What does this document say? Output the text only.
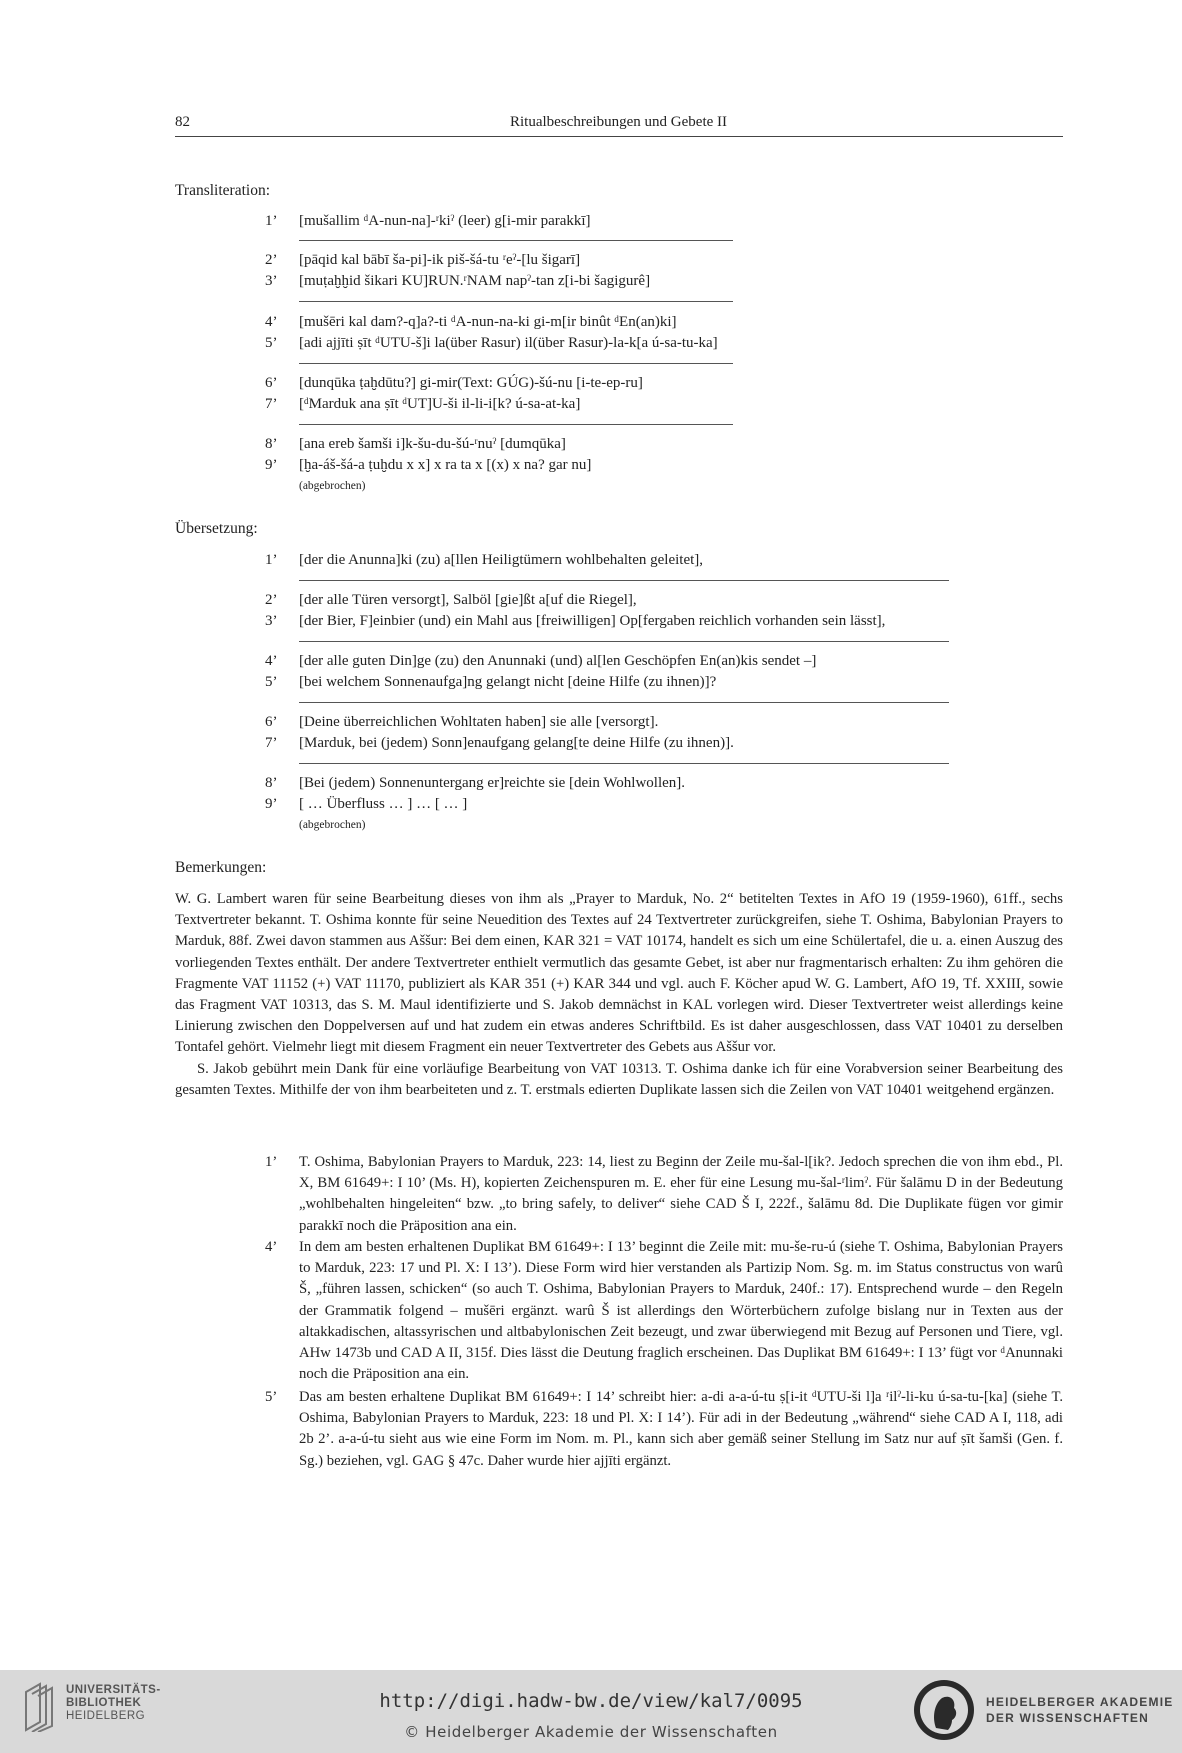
82	Ritualbeschreibungen und Gebete II
Transliteration:
1’ [mušallim ᵈA-nun-na]-ʳkiˀ (leer) g[i-mir parakkī]
2’ [pāqid kal bābī ša-pi]-ik piš-šá-tu ʳeˀ-[lu šigarī]
3’ [muṭaḫḫid šikari KU]RUN.ʳNAM napˀ-tan z[i-bi šagigurê]
4’ [mušēri kal dam?-q]a?-ti ᵈA-nun-na-ki gi-m[ir binût ᵈEn(an)ki]
5’ [adi ajjīti ṣīt ᵈUTU-š]i la(über Rasur) il(über Rasur)-la-k[a ú-sa-tu-ka]
6’ [dunqūka ṭaḫdūtu?] gi-mir(Text: GÚG)-šú-nu [i-te-ep-ru]
7’ [ᵈMarduk ana ṣīt ᵈUT]U-ši il-li-i[k? ú-sa-at-ka]
8’ [ana ereb šamši i]k-šu-du-šú-ʳnuˀ [dumqūka]
9’ [ḫa-áš-šá-a ṭuḫdu x x] x ra ta x [(x) x na? gar nu]
(abgebrochen)
Übersetzung:
1’ [der die Anunna]ki (zu) a[llen Heiligtümern wohlbehalten geleitet],
2’ [der alle Türen versorgt], Salböl [gie]ßt a[uf die Riegel],
3’ [der Bier, F]einbier (und) ein Mahl aus [freiwilligen] Op[fergaben reichlich vorhanden sein lässt],
4’ [der alle guten Din]ge (zu) den Anunnaki (und) al[len Geschöpfen En(an)kis sendet –]
5’ [bei welchem Sonnenaufga]ng gelangt nicht [deine Hilfe (zu ihnen)]?
6’ [Deine überreichlichen Wohltaten haben] sie alle [versorgt].
7’ [Marduk, bei (jedem) Sonn]enaufgang gelang[te deine Hilfe (zu ihnen)].
8’ [Bei (jedem) Sonnenuntergang er]reichte sie [dein Wohlwollen].
9’ [ … Überfluss … ] … [ … ]
(abgebrochen)
Bemerkungen:

W. G. Lambert waren für seine Bearbeitung dieses von ihm als „Prayer to Marduk, No. 2“ betitelten Textes in AfO 19 (1959-1960), 61ff., sechs Textvertreter bekannt. T. Oshima konnte für seine Neuedition des Textes auf 24 Textvertreter zurückgreifen, siehe T. Oshima, Babylonian Prayers to Marduk, 88f. Zwei davon stammen aus Aššur: Bei dem einen, KAR 321 = VAT 10174, handelt es sich um eine Schülertafel, die u. a. einen Auszug des vorliegenden Textes enthält. Der andere Textvertreter enthielt vermutlich das gesamte Gebet, ist aber nur fragmentarisch erhalten: Zu ihm gehören die Fragmente VAT 11152 (+) VAT 11170, publiziert als KAR 351 (+) KAR 344 und vgl. auch F. Köcher apud W. G. Lambert, AfO 19, Tf. XXIII, sowie das Fragment VAT 10313, das S. M. Maul identifizierte und S. Jakob demnächst in KAL vorlegen wird. Dieser Textvertreter weist allerdings keine Linierung zwischen den Doppelversen auf und hat zudem ein etwas anderes Schriftbild. Es ist daher ausgeschlossen, dass VAT 10401 zu derselben Tontafel gehört. Vielmehr liegt mit diesem Fragment ein neuer Textvertreter des Gebets aus Aššur vor.

S. Jakob gebührt mein Dank für eine vorläufige Bearbeitung von VAT 10313. T. Oshima danke ich für eine Vorabversion seiner Bearbeitung des gesamten Textes. Mithilfe der von ihm bearbeiteten und z. T. erstmals edierten Duplikate lassen sich die Zeilen von VAT 10401 weitgehend ergänzen.

1’ T. Oshima, Babylonian Prayers to Marduk, 223: 14, liest zu Beginn der Zeile mu-šal-l[ik?. Jedoch sprechen die von ihm ebd., Pl. X, BM 61649+: I 10’ (Ms. H), kopierten Zeichenspuren m. E. eher für eine Lesung mu-šal-ʳlimˀ. Für šalāmu D in der Bedeutung „wohlbehalten hingeleiten“ bzw. „to bring safely, to deliver“ siehe CAD Š I, 222f., šalāmu 8d. Die Duplikate fügen vor gimir parakkī noch die Präposition ana ein.
4’ In dem am besten erhaltenen Duplikat BM 61649+: I 13’ beginnt die Zeile mit: mu-še-ru-ú (siehe T. Oshima, Babylonian Prayers to Marduk, 223: 17 und Pl. X: I 13’). Diese Form wird hier verstanden als Partizip Nom. Sg. m. im Status constructus von warû Š, „führen lassen, schicken“ (so auch T. Oshima, Babylonian Prayers to Marduk, 240f.: 17). Entsprechend wurde – den Regeln der Grammatik folgend – mušēri ergänzt. warû Š ist allerdings den Wörterbüchern zufolge bislang nur in Texten aus der altakkadischen, altassyrischen und altbabylonischen Zeit bezeugt, und zwar überwiegend mit Bezug auf Personen und Tiere, vgl. AHw 1473b und CAD A II, 315f. Dies lässt die Deutung fraglich erscheinen. Das Duplikat BM 61649+: I 13’ fügt vor ᵈAnunnaki noch die Präposition ana ein.
5’ Das am besten erhaltene Duplikat BM 61649+: I 14’ schreibt hier: a-di a-a-ú-tu ṣ[i-it ᵈUTU-ši l]a ʳilˀ-li-ku ú-sa-tu-[ka] (siehe T. Oshima, Babylonian Prayers to Marduk, 223: 18 und Pl. X: I 14’). Für adi in der Bedeutung „während“ siehe CAD A I, 118, adi 2b 2’. a-a-ú-tu sieht aus wie eine Form im Nom. m. Pl., kann sich aber gemäß seiner Stellung im Satz nur auf ṣīt šamši (Gen. f. Sg.) beziehen, vgl. GAG § 47c. Daher wurde hier ajjīti ergänzt.
UNIVERSITÄTS-
BIBLIOTHEK
HEIDELBERG
http://digi.hadw-bw.de/view/kal7/0095
© Heidelberger Akademie der Wissenschaften
HEIDELBERGER AKADEMIE
DER WISSENSCHAFTEN
